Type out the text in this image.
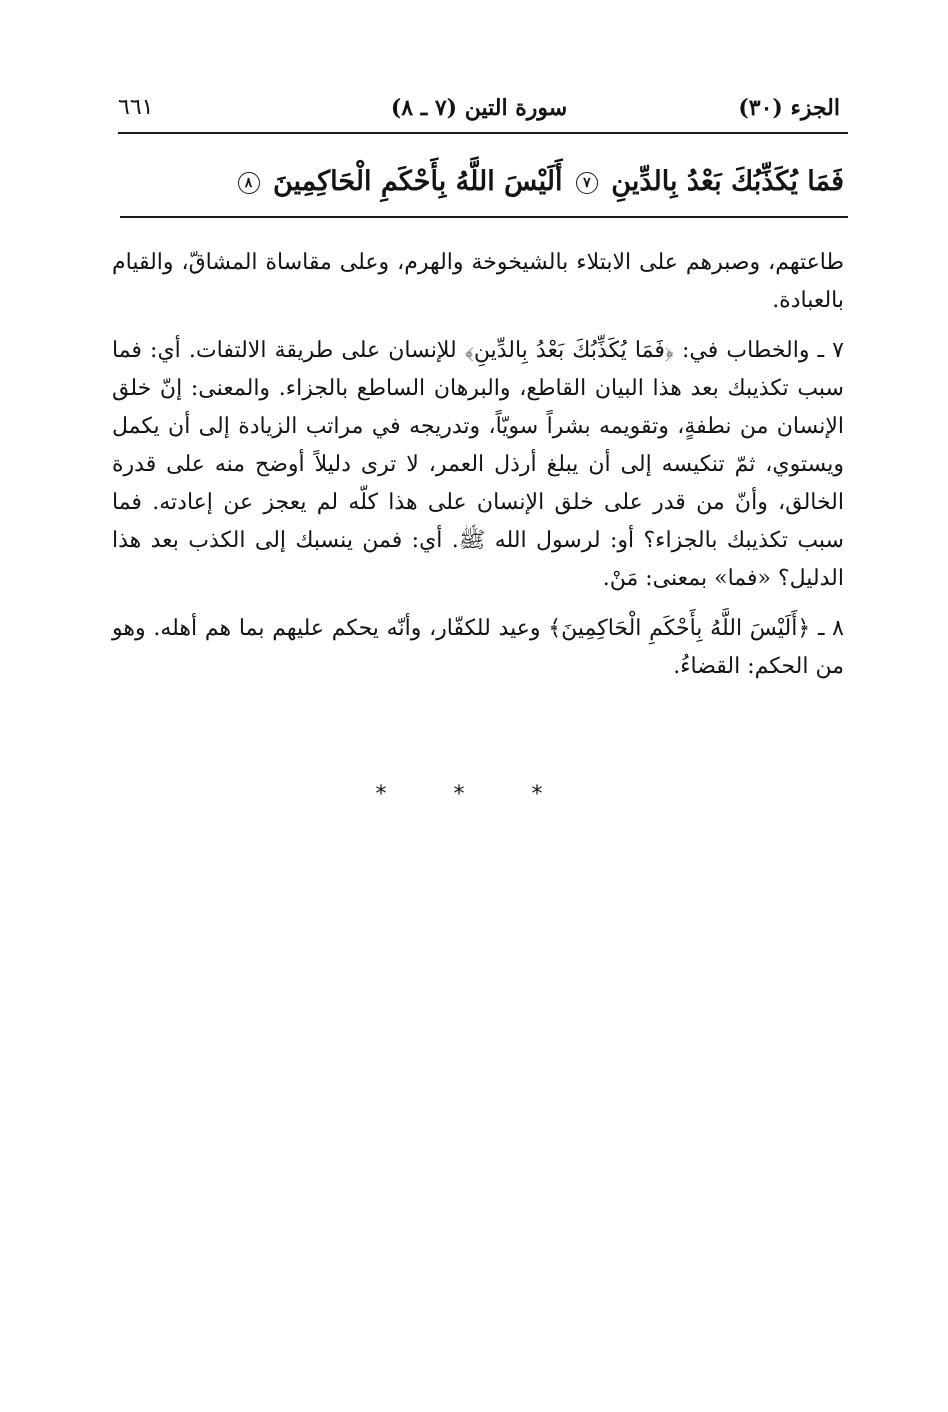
الجزء (٣٠)
سورة التين (٧ ـ ٨)
٦٦١
فَمَا يُكَذِّبُكَ بَعْدُ بِالدِّينِ ٧ أَلَيْسَ اللَّهُ بِأَحْكَمِ الْحَاكِمِينَ ٨

طاعتهم، وصبرهم على الابتلاء بالشيخوخة والهرم، وعلى مقاساة المشاقّ، والقيام بالعبادة.

٧ ـ والخطاب في: ﴿فَمَا يُكَذِّبُكَ بَعْدُ بِالدِّينِ﴾ للإنسان على طريقة الالتفات. أي: فما سبب تكذيبك بعد هذا البيان القاطع، والبرهان الساطع بالجزاء. والمعنى: إنّ خلق الإنسان من نطفةٍ، وتقويمه بشراً سويّاً، وتدريجه في مراتب الزيادة إلى أن يكمل ويستوي، ثمّ تنكيسه إلى أن يبلغ أرذل العمر، لا ترى دليلاً أوضح منه على قدرة الخالق، وأنّ من قدر على خلق الإنسان على هذا كلّه لم يعجز عن إعادته. فما سبب تكذيبك بالجزاء؟ أو: لرسول الله ﷺ. أي: فمن ينسبك إلى الكذب بعد هذا الدليل؟ «فما» بمعنى: مَنْ.

٨ ـ ﴿أَلَيْسَ اللَّهُ بِأَحْكَمِ الْحَاكِمِينَ﴾ وعيد للكفّار، وأنّه يحكم عليهم بما هم أهله. وهو من الحكم: القضاءُ.

* * *
